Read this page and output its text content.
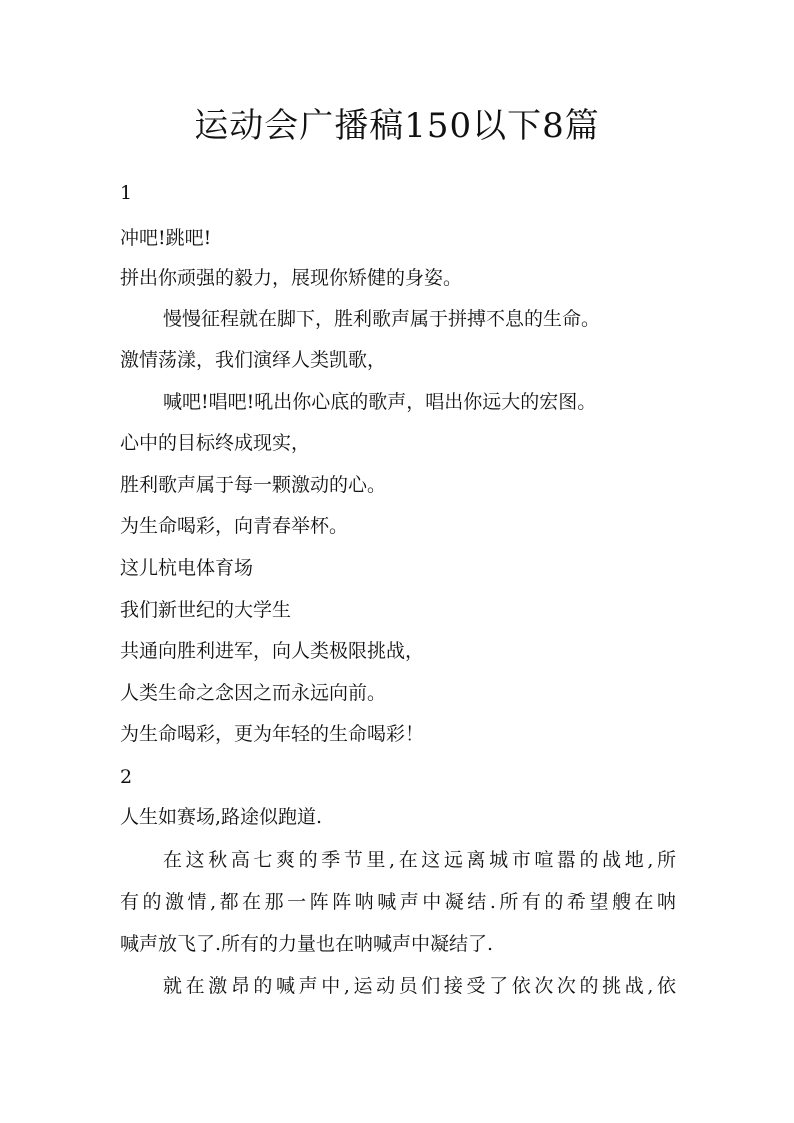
运动会广播稿150以下8篇
1
冲吧!跳吧!
拼出你顽强的毅力，展现你矫健的身姿。
慢慢征程就在脚下，胜利歌声属于拼搏不息的生命。
激情荡漾，我们演绎人类凯歌，
喊吧!唱吧!吼出你心底的歌声，唱出你远大的宏图。
心中的目标终成现实，
胜利歌声属于每一颗激动的心。
为生命喝彩，向青春举杯。
这儿杭电体育场
我们新世纪的大学生
共通向胜利进军，向人类极限挑战，
人类生命之念因之而永远向前。
为生命喝彩，更为年轻的生命喝彩！
2
人生如赛场,路途似跑道.
在这秋高七爽的季节里,在这远离城市喧嚣的战地,所
有的激情,都在那一阵阵呐喊声中凝结.所有的希望艘在呐
喊声放飞了.所有的力量也在呐喊声中凝结了.
就在激昂的喊声中,运动员们接受了依次次的挑战,依
